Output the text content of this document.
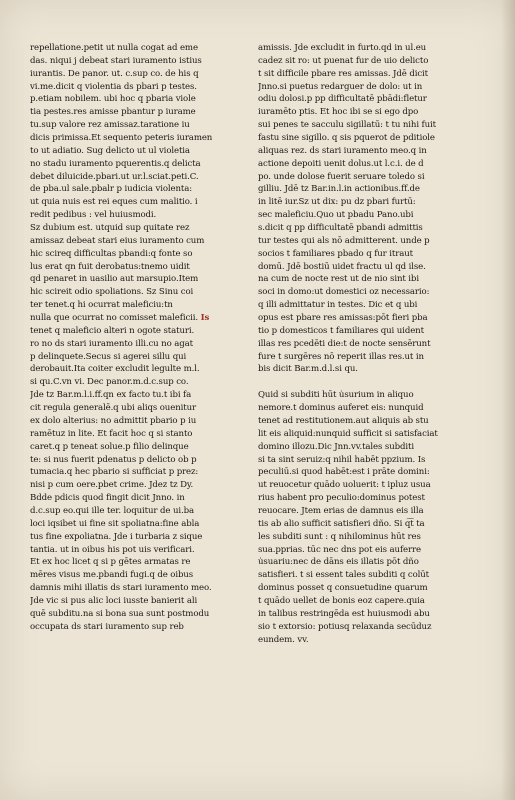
repellatione.petit ut nulla cogat ad eme
das. niqui j debeat stari iuramento istius
iurantis. De panor. ut. c.sup co. de his q
vi.me.dicit q violentia ds pbari p testes.
p.etiam nobilem. ubi hoc q pbaria viole
tia pestes.res amisse pbantur p iurame
tu.sup valore rez amissaz.taratione iu
dicis primissa.Et sequento peteris iuramen
to ut adiatio. Sug delicto ut ul violetia
no stadu iuramento pquerentis.q delicta
debet diluicide.pbari.ut ur.l.sciat.peti.C.
de pba.ul sale.pbalr p iudicia violenta:
ut quia nuis est rei eques cum malitio. i
redit pedibus : vel huiusmodi.
Sz dubium est. utquid sup quitate rez
amissaz debeat stari eius iuramento cum
hic scireq difficultas pbandi:q fonte so
lus erat qn fuit derobatus:tnemo uidit
qd penaret in uasilio aut marsupio.Item
hic scireit odio spoliations. Sz Sinu coi
ter tenet.q hi ocurrat maleficiu:tn
nulla que ocurrat no comisset maleficii. Is
tenet q maleficio alteri n ogote staturi.
ro no ds stari iuramento illi.cu no agat
p delinquete.Secus si agerei sillu qui
derobauit.Ita coiter excludit legulte m.l.
si qu.C.vn vi. Dec panor.m.d.c.sup co.
Jde tz Bar.m.l.i.ff.qn ex facto tu.t ibi fa
cit regula generalē.q ubi aliqs ouenitur
ex dolo alterius: no admittit pbario p iu
ramētuz in lite. Et facit hoc q si stanto
caret.q p teneat solue.p filio delinque
te: si nus fuerit pdenatus p delicto ob p
tumacia.q hec pbario si sufficiat p prez:
nisi p cum oere.pbet crime. Jdez tz Dy.
Bdde pdicis quod fingit dicit Jnno. in
d.c.sup eo.qui ille ter. loquitur de ui.ba
loci iqsibet ui fine sit spoliatna:fine abla
tus fine expoliatna. Jde i turbaria z sique
tantia. ut in oibus his pot uis verificari.
Et ex hoc licet q si p gētes armatas re
mēres visus me.pbandi fugi.q de oibus
damnis mihi illatis ds stari iuramento meo.
Jde vic si pus alic loci iusste banierit ali
quē subditu.na si bona sua sunt postmodu
occupata ds stari iuramento sup reb
amissis. Jde excludit in furto.qd in ul.eu
cadez sit ro: ut puenat fur de uio delicto
t sit difficile pbare res amissas. Jdē dicit
Jnno.si puetus redarguer de dolo: ut in
odiu dolosi.p pp difficultatē pbādi:fletur
iuramēto ptis. Et hoc ibi se si ego dpo
sui penes te sacculu sigillatū: t tu nihi fuit
fastu sine sigillo. q sis pquerot de pditiole
aliquas rez. ds stari iuramento meo.q in
actione depoiti uenit dolus.ut l.c.i. de d
po. unde dolose fuerit seruare toledo si
gilliu. Jdē tz Bar.in.l.in actionibus.ff.de
in litē iur.Sz ut dix: pu dz pbari furtū:
sec maleficiu.Quo ut pbadu Pano.ubi
s.dicit q pp difficultatē pbandi admittis
tur testes qui als nō admitterent. unde p
socios t familiares pbado q fur itraut
domū. Jdē bostiū uidet fractu ul qd ilse.
na cum de nocte rest ut de nio sint ibi
soci in domo:ut domestici oz necessario:
q illi admittatur in testes. Dic et q ubi
opus est pbare res amissas:pōt fieri pba
tio p domesticos t familiares qui uident
illas res pcedēti die:t de nocte sensērunt
fure t surgēres nō reperit illas res.ut in
bis dicit Bar.m.d.l.si qu.
Quid si subditi hūt u̇surium in aliquo
nemore.t dominus auferet eis: nunquid
tenet ad restitutionem.aut aliquis ab stu
lit eis aliquid:nunquid sufficit si satisfaciat
domino illozu.Dic Jnn.vv.tales subditi
si ta sint seruiz:q nihil habēt ppzium. Is
peculiū.si quod habēt:est i prāte domini:
ut reuocetur quādo uoluerit: t ipluz usua
rius habent pro peculio:dominus potest
reuocare. Jtem erias de damnus eis illa
tis ab alio sufficit satisfieri dño. Si q͡t ta
les subditi sunt : q nihilominus hūt res
sua.pprias. tūc nec dns pot eis auferre
u̇suariu:nec de dāns eis illatis pōt dño
satisfieri. t si essent tales subditi q colūt
dominus posset q consuetudine quarum
t quādo uellet de bonis eoz capere.quia
in talibus restringēda est huiusmodi abu
sio t extorsio: potiusq relaxanda secūduz
eundem. vv.
